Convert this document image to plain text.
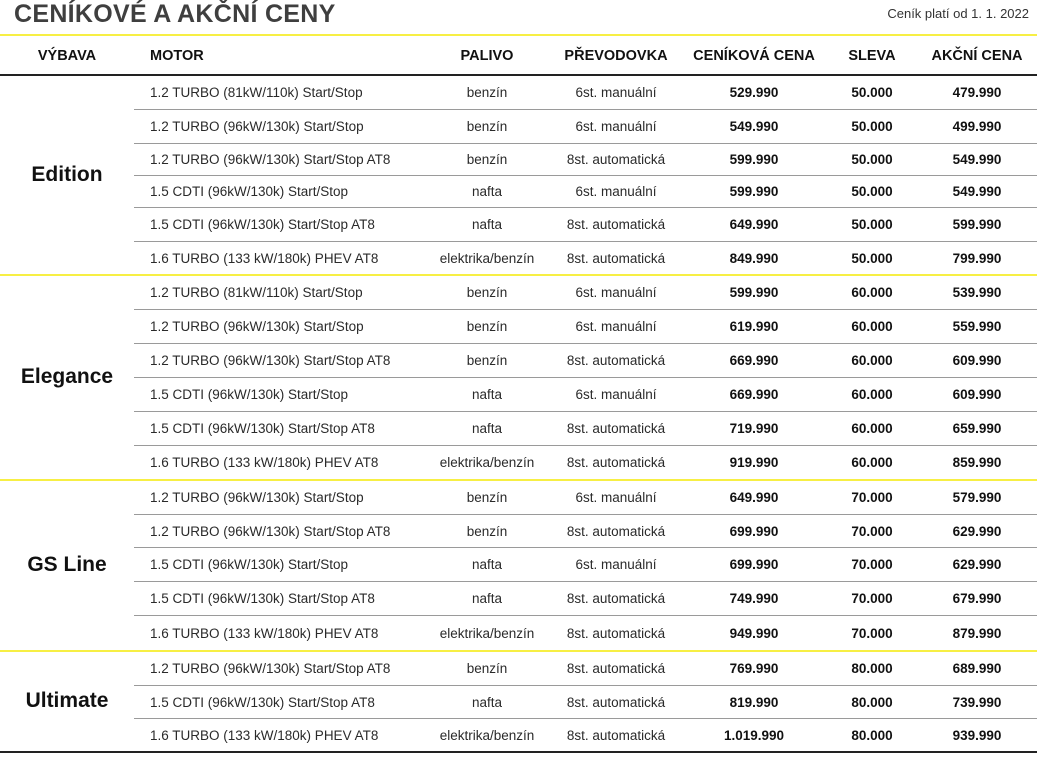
CENÍKOVÉ A AKČNÍ CENY	Ceník platí od 1. 1. 2022
VÝBAVA	MOTOR	PALIVO	PŘEVODOVKA	CENÍKOVÁ CENA	SLEVA	AKČNÍ CENA
Edition
1.2 TURBO (81kW/110k) Start/Stop	benzín	6st. manuální	529.990	50.000	479.990
1.2 TURBO (96kW/130k) Start/Stop	benzín	6st. manuální	549.990	50.000	499.990
1.2 TURBO (96kW/130k) Start/Stop AT8	benzín	8st. automatická	599.990	50.000	549.990
1.5 CDTI (96kW/130k) Start/Stop	nafta	6st. manuální	599.990	50.000	549.990
1.5 CDTI (96kW/130k) Start/Stop AT8	nafta	8st. automatická	649.990	50.000	599.990
1.6 TURBO (133 kW/180k) PHEV AT8	elektrika/benzín	8st. automatická	849.990	50.000	799.990
Elegance
1.2 TURBO (81kW/110k) Start/Stop	benzín	6st. manuální	599.990	60.000	539.990
1.2 TURBO (96kW/130k) Start/Stop	benzín	6st. manuální	619.990	60.000	559.990
1.2 TURBO (96kW/130k) Start/Stop AT8	benzín	8st. automatická	669.990	60.000	609.990
1.5 CDTI (96kW/130k) Start/Stop	nafta	6st. manuální	669.990	60.000	609.990
1.5 CDTI (96kW/130k) Start/Stop AT8	nafta	8st. automatická	719.990	60.000	659.990
1.6 TURBO (133 kW/180k) PHEV AT8	elektrika/benzín	8st. automatická	919.990	60.000	859.990
GS Line
1.2 TURBO (96kW/130k) Start/Stop	benzín	6st. manuální	649.990	70.000	579.990
1.2 TURBO (96kW/130k) Start/Stop AT8	benzín	8st. automatická	699.990	70.000	629.990
1.5 CDTI (96kW/130k) Start/Stop	nafta	6st. manuální	699.990	70.000	629.990
1.5 CDTI (96kW/130k) Start/Stop AT8	nafta	8st. automatická	749.990	70.000	679.990
1.6 TURBO (133 kW/180k) PHEV AT8	elektrika/benzín	8st. automatická	949.990	70.000	879.990
Ultimate
1.2 TURBO (96kW/130k) Start/Stop AT8	benzín	8st. automatická	769.990	80.000	689.990
1.5 CDTI (96kW/130k) Start/Stop AT8	nafta	8st. automatická	819.990	80.000	739.990
1.6 TURBO (133 kW/180k) PHEV AT8	elektrika/benzín	8st. automatická	1.019.990	80.000	939.990
